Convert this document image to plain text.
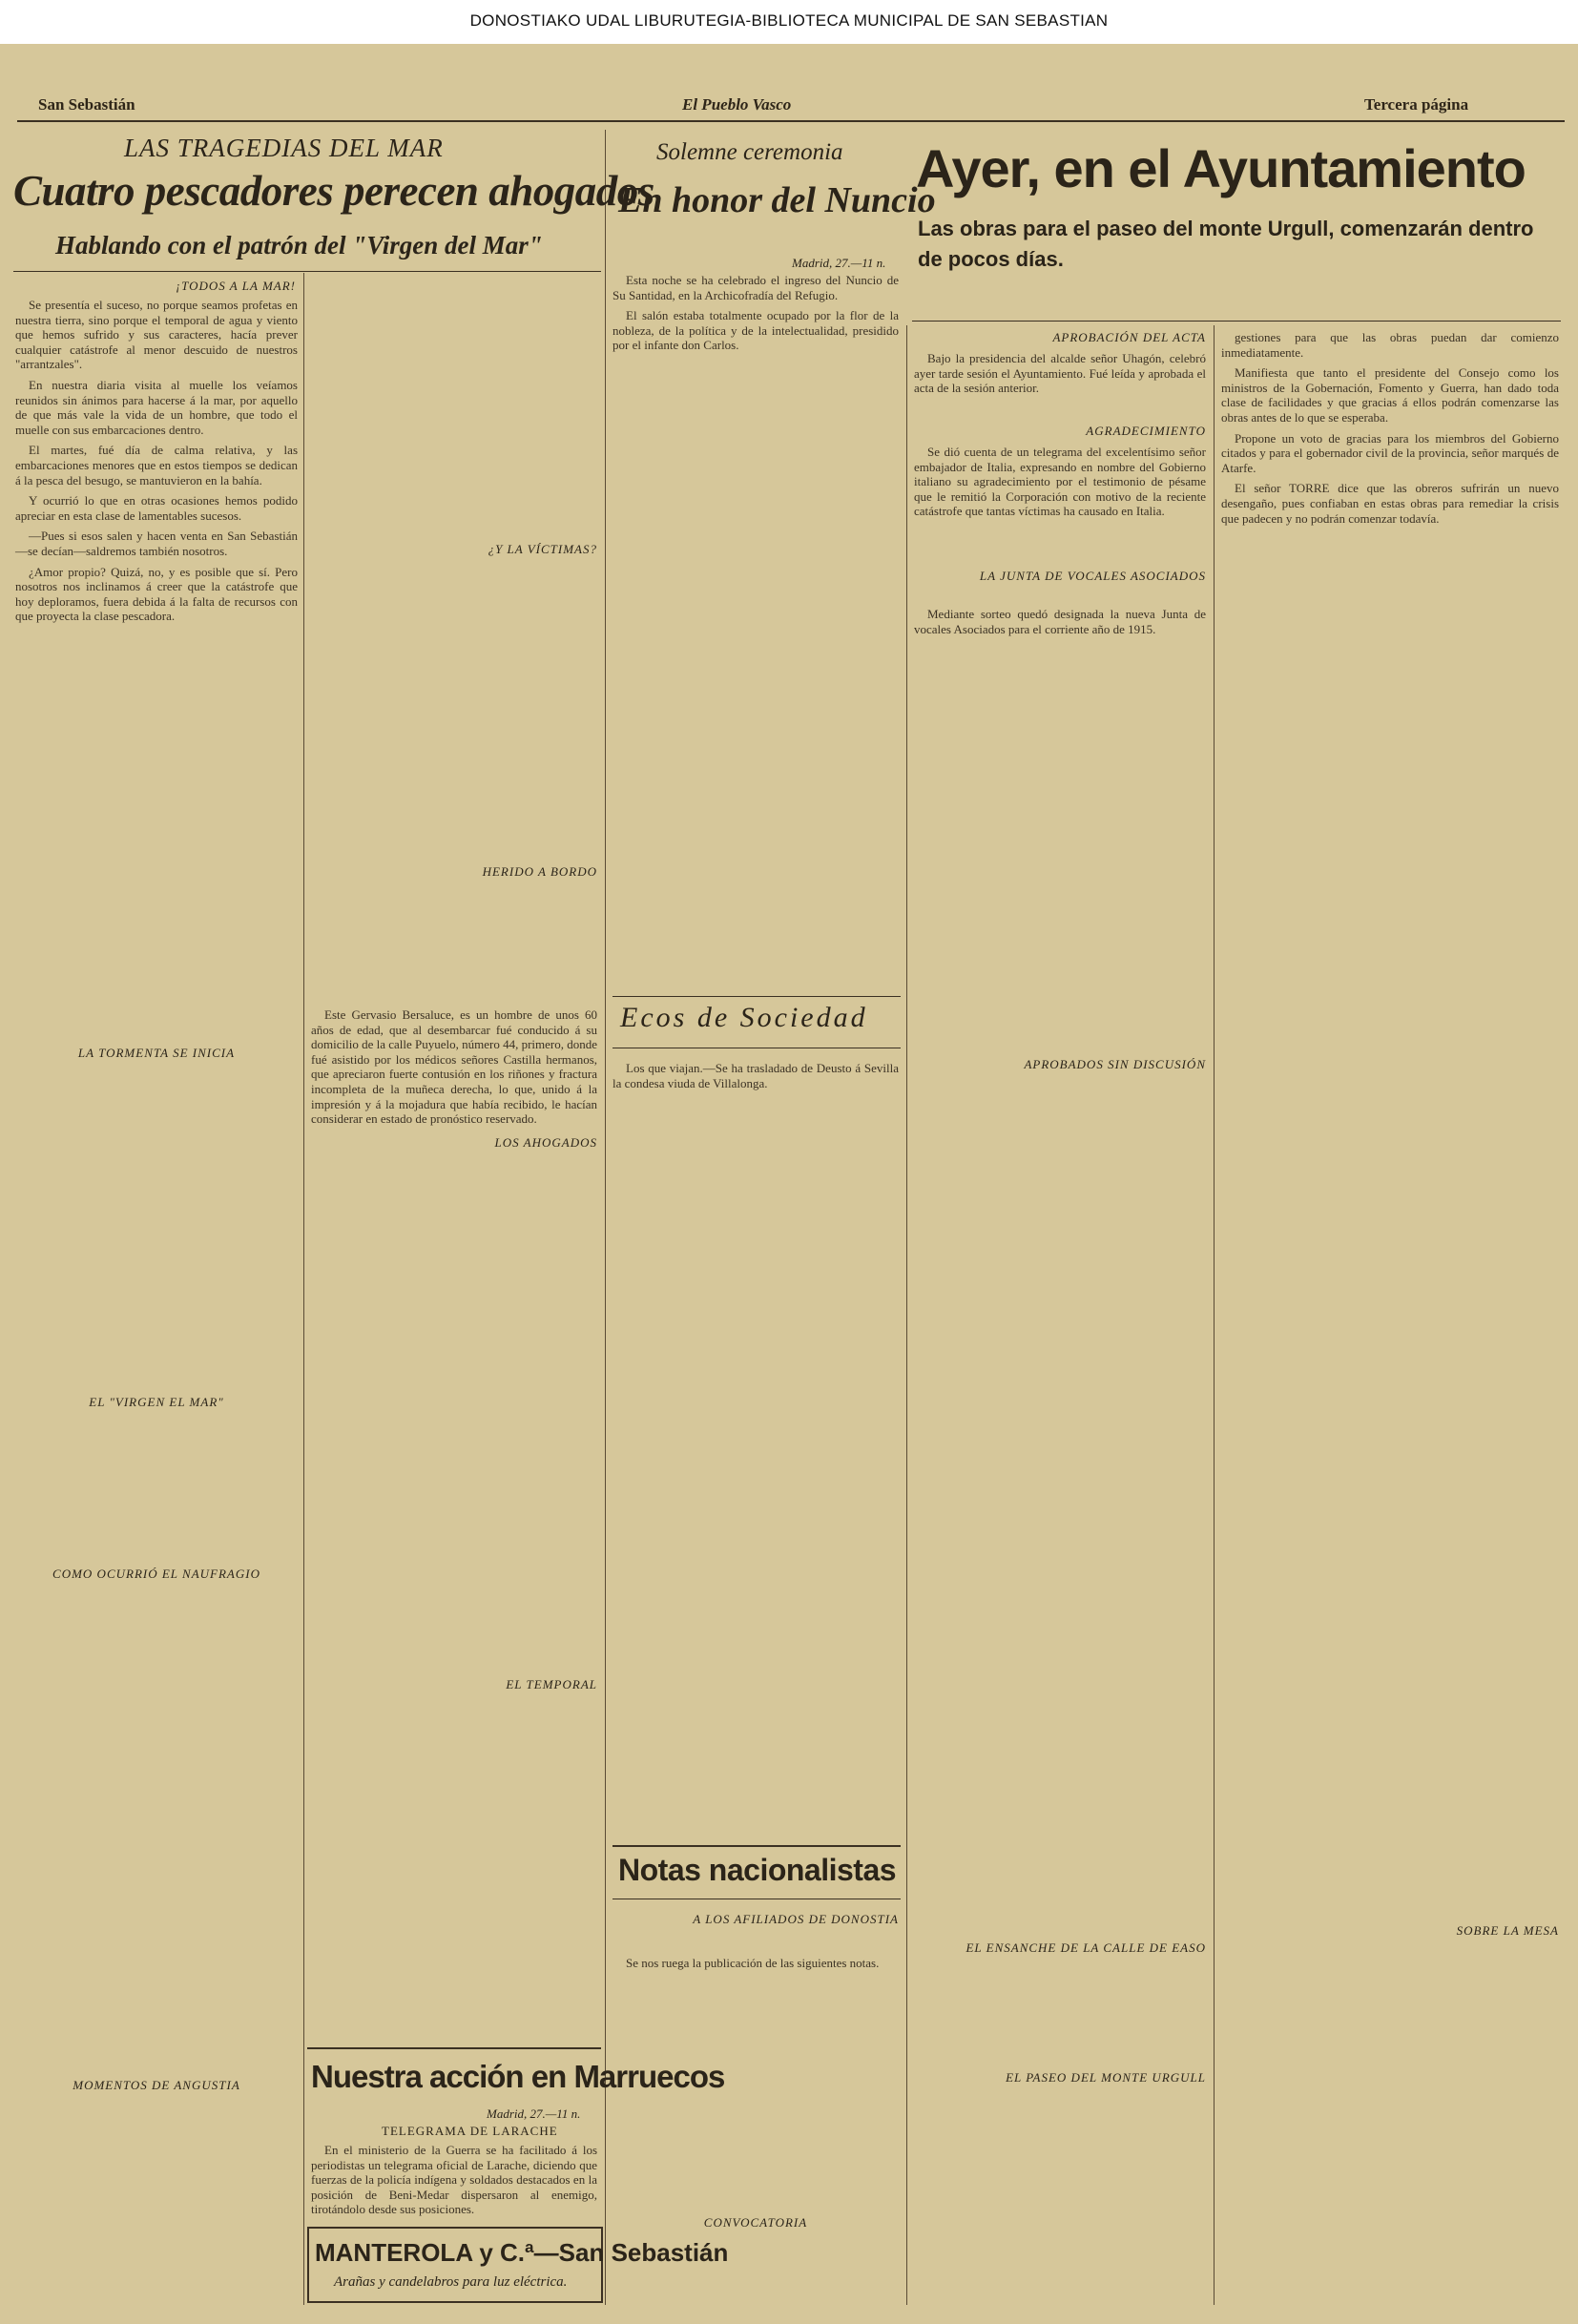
DONOSTIAKO UDAL LIBURUTEGIA-BIBLIOTECA MUNICIPAL DE SAN SEBASTIAN
San Sebastián	El Pueblo Vasco	Tercera página
LAS TRAGEDIAS DEL MAR
Cuatro pescadores perecen ahogados
Hablando con el patrón del "Virgen del Mar"
¡TODOS A LA MAR!

Se presentía el suceso, no porque seamos profetas en nuestra tierra, sino porque el temporal de agua y viento que hemos sufrido y sus caracteres, hacía prever cualquier catástrofe al menor descuido de nuestros "arrantzales".

En nuestra diaria visita al muelle los veíamos reunidos sin ánimos para hacerse á la mar, por aquello de que más vale la vida de un hombre, que todo el muelle con sus embarcaciones dentro.

El martes, fué día de calma relativa, y las embarcaciones menores que en estos tiempos se dedican á la pesca del besugo, se mantuvieron en la bahía.

Y ocurrió lo que en otras ocasiones hemos podido apreciar en esta clase de lamentables sucesos.

—Pues si esos salen y hacen venta en San Sebastián—se decían—saldremos también nosotros.

¿Amor propio? Quizá, no, y es posible que sí. Pero nosotros nos inclinamos á creer que la catástrofe que hoy deploramos, fuera debida á la falta de recursos con que proyecta la clase pescadora.

LA TORMENTA SE INICIA
EL "VIRGEN EL MAR"
COMO OCURRIÓ EL NAUFRAGIO
MOMENTOS DE ANGUSTIA
¿Y LA VÍCTIMAS?
HERIDO A BORDO

Este Gervasio Bersaluce, es un hombre de unos 60 años de edad, que al desembarcar fué conducido á su domicilio de la calle Puyuelo, número 44, primero, donde fué asistido por los médicos señores Castilla hermanos, que apreciaron fuerte contusión en los riñones y fractura incompleta de la muñeca derecha, lo que, unido á la impresión y á la mojadura que había recibido, le hacían considerar en estado de pronóstico reservado.

LOS AHOGADOS
EL TEMPORAL
Nuestra acción en Marruecos
Madrid, 27.—11 n.
TELEGRAMA DE LARACHE

En el ministerio de la Guerra se ha facilitado á los periodistas un telegrama oficial de Larache, diciendo que fuerzas de la policía indígena y soldados destacados en la posición de Beni-Medar dispersaron al enemigo, tirotándolo desde sus posiciones.

MANTEROLA y C.ª—San Sebastián
Arañas y candelabros para luz eléctrica.
Solemne ceremonia
En honor del Nuncio
Madrid, 27.—11 n.

Esta noche se ha celebrado el ingreso del Nuncio de Su Santidad, en la Archicofradía del Refugio.

El salón estaba totalmente ocupado por la flor de la nobleza, de la política y de la intelectualidad, presidido por el infante don Carlos.

Ecos de Sociedad

Los que viajan.—Se ha trasladado de Deusto á Sevilla la condesa viuda de Villalonga.

Notas nacionalistas
A LOS AFILIADOS DE DONOSTIA

Se nos ruega la publicación de las siguientes notas.

CONVOCATORIA
Ayer, en el Ayuntamiento
Las obras para el paseo del monte Urgull, comenzarán dentro de pocos días.
APROBACIÓN DEL ACTA

Bajo la presidencia del alcalde señor Uhagón, celebró ayer tarde sesión el Ayuntamiento. Fué leída y aprobada el acta de la sesión anterior.

AGRADECIMIENTO

Se dió cuenta de un telegrama del excelentísimo señor embajador de Italia, expresando en nombre del Gobierno italiano su agradecimiento por el testimonio de pésame que le remitió la Corporación con motivo de la reciente catástrofe que tantas víctimas ha causado en Italia.

LA JUNTA DE VOCALES ASOCIADOS

Mediante sorteo quedó designada la nueva Junta de vocales Asociados para el corriente año de 1915.

APROBADOS SIN DISCUSIÓN
EL ENSANCHE DE LA CALLE DE EASO
EL PASEO DEL MONTE URGULL

gestiones para que las obras puedan dar comienzo inmediatamente.

Manifiesta que tanto el presidente del Consejo como los ministros de la Gobernación, Fomento y Guerra, han dado toda clase de facilidades y que gracias á ellos podrán comenzarse las obras antes de lo que se esperaba.

Propone un voto de gracias para los miembros del Gobierno citados y para el gobernador civil de la provincia, señor marqués de Atarfe.

El señor TORRE dice que las obreros sufrirán un nuevo desengaño, pues confiaban en estas obras para remediar la crisis que padecen y no podrán comenzar todavía.

SOBRE LA MESA
